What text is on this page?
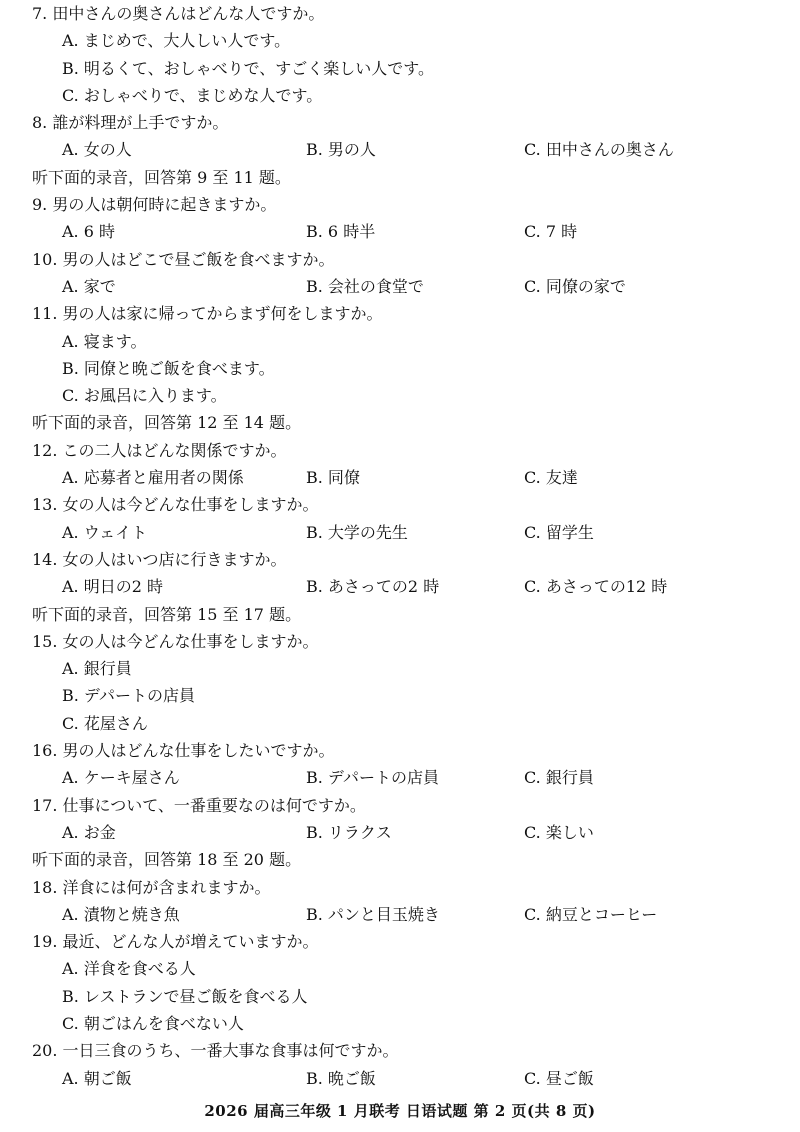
7. 田中さんの奥さんはどんな人ですか。
A. まじめで、大人しい人です。
B. 明るくて、おしゃべりで、すごく楽しい人です。
C. おしゃべりで、まじめな人です。
8. 誰が料理が上手ですか。
A. 女の人	B. 男の人	C. 田中さんの奥さん
听下面的录音，回答第 9 至 11 题。
9. 男の人は朝何時に起きますか。
A. 6 時	B. 6 時半	C. 7 時
10. 男の人はどこで昼ご飯を食べますか。
A. 家で	B. 会社の食堂で	C. 同僚の家で
11. 男の人は家に帰ってからまず何をしますか。
A. 寝ます。
B. 同僚と晩ご飯を食べます。
C. お風呂に入ります。
听下面的录音，回答第 12 至 14 题。
12. この二人はどんな関係ですか。
A. 応募者と雇用者の関係	B. 同僚	C. 友達
13. 女の人は今どんな仕事をしますか。
A. ウェイト	B. 大学の先生	C. 留学生
14. 女の人はいつ店に行きますか。
A. 明日の2 時	B. あさっての2 時	C. あさっての12 時
听下面的录音，回答第 15 至 17 题。
15. 女の人は今どんな仕事をしますか。
A. 銀行員
B. デパートの店員
C. 花屋さん
16. 男の人はどんな仕事をしたいですか。
A. ケーキ屋さん	B. デパートの店員	C. 銀行員
17. 仕事について、一番重要なのは何ですか。
A. お金	B. リラクス	C. 楽しい
听下面的录音，回答第 18 至 20 题。
18. 洋食には何が含まれますか。
A. 漬物と焼き魚	B. パンと目玉焼き	C. 納豆とコーヒー
19. 最近、どんな人が増えていますか。
A. 洋食を食べる人
B. レストランで昼ご飯を食べる人
C. 朝ごはんを食べない人
20. 一日三食のうち、一番大事な食事は何ですか。
A. 朝ご飯	B. 晩ご飯	C. 昼ご飯
2026 届高三年级 1 月联考 日语试题 第 2 页(共 8 页)
